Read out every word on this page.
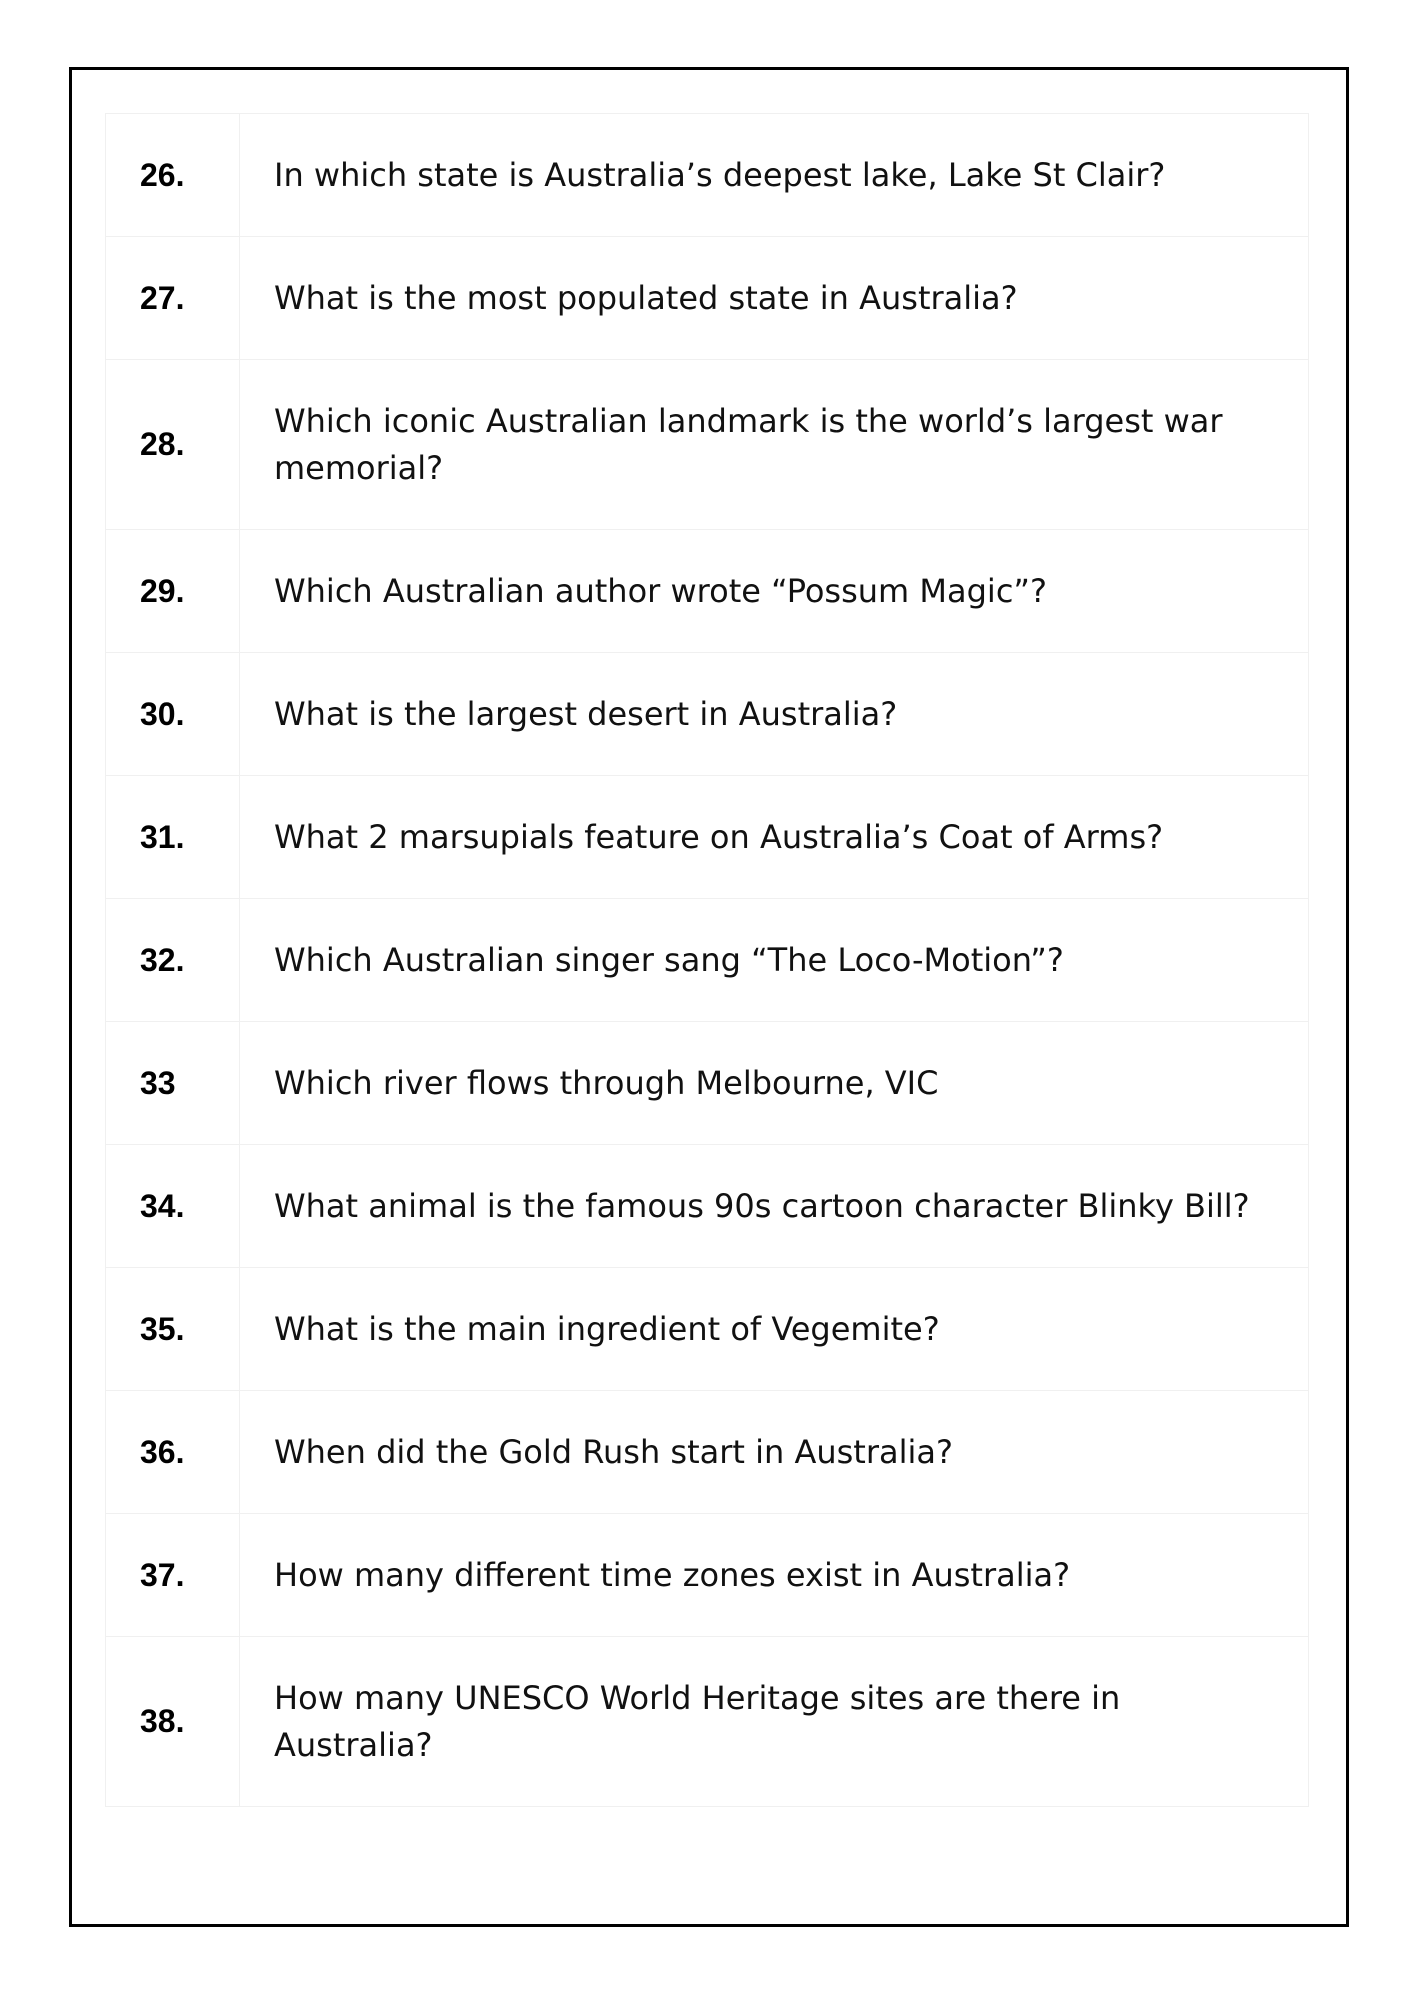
26.	In which state is Australia’s deepest lake, Lake St Clair?
27.	What is the most populated state in Australia?
28.	Which iconic Australian landmark is the world’s largest war memorial?
29.	Which Australian author wrote “Possum Magic”?
30.	What is the largest desert in Australia?
31.	What 2 marsupials feature on Australia’s Coat of Arms?
32.	Which Australian singer sang “The Loco-Motion”?
33	Which river flows through Melbourne, VIC
34.	What animal is the famous 90s cartoon character Blinky Bill?
35.	What is the main ingredient of Vegemite?
36.	When did the Gold Rush start in Australia?
37.	How many different time zones exist in Australia?
38.	How many UNESCO World Heritage sites are there in Australia?
